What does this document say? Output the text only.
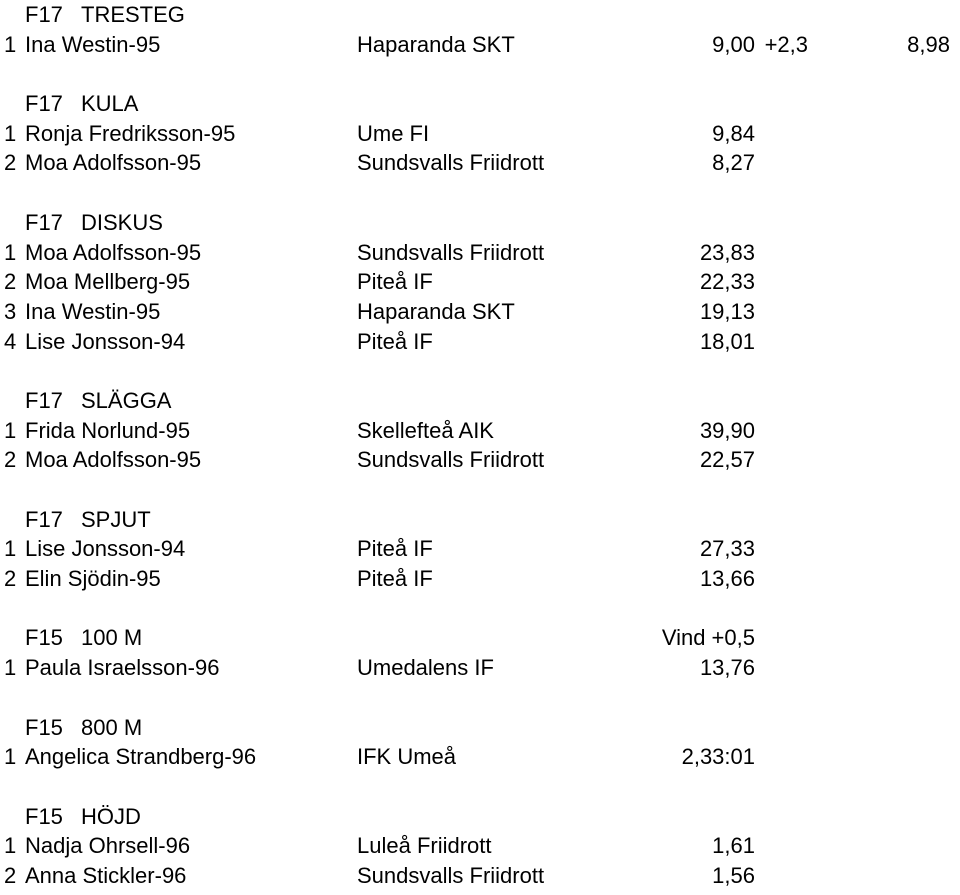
F17 TRESTEG
1 Ina Westin-95	Haparanda SKT	9,00 +2,3	8,98
F17 KULA
1 Ronja Fredriksson-95	Ume FI	9,84
2 Moa Adolfsson-95	Sundsvalls Friidrott	8,27
F17 DISKUS
1 Moa Adolfsson-95	Sundsvalls Friidrott	23,83
2 Moa Mellberg-95	Piteå IF	22,33
3 Ina Westin-95	Haparanda SKT	19,13
4 Lise Jonsson-94	Piteå IF	18,01
F17 SLÄGGA
1 Frida Norlund-95	Skellefteå AIK	39,90
2 Moa Adolfsson-95	Sundsvalls Friidrott	22,57
F17 SPJUT
1 Lise Jonsson-94	Piteå IF	27,33
2 Elin Sjödin-95	Piteå IF	13,66
F15 100 M	Vind +0,5
1 Paula Israelsson-96	Umedalens IF	13,76
F15 800 M
1 Angelica Strandberg-96	IFK Umeå	2,33:01
F15 HÖJD
1 Nadja Ohrsell-96	Luleå Friidrott	1,61
2 Anna Stickler-96	Sundsvalls Friidrott	1,56
